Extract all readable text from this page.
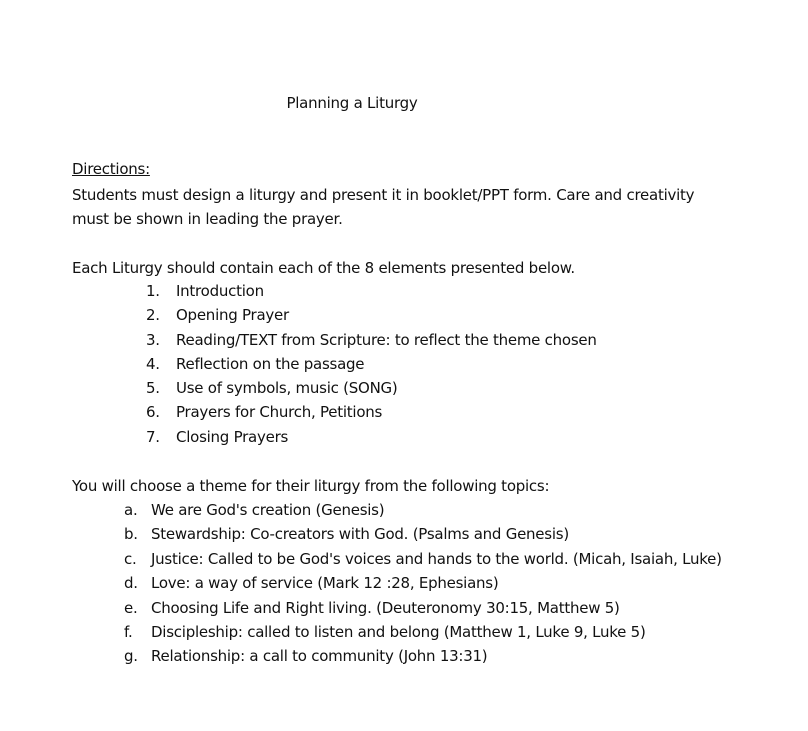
Planning a Liturgy
Directions:
Students must design a liturgy and present it in booklet/PPT form. Care and creativity must be shown in leading the prayer.
Each Liturgy should contain each of the 8 elements presented below.
1.	Introduction
2.	Opening Prayer
3.	Reading/TEXT from Scripture: to reflect the theme chosen
4.	Reflection on the passage
5.	Use of symbols, music (SONG)
6.	Prayers for Church, Petitions
7.	Closing Prayers
You will choose a theme for their liturgy from the following topics:
a. We are God's creation (Genesis)
b. Stewardship: Co-creators with God. (Psalms and Genesis)
c. Justice: Called to be God's voices and hands to the world. (Micah, Isaiah, Luke)
d. Love: a way of service (Mark 12 :28, Ephesians)
e. Choosing Life and Right living. (Deuteronomy 30:15, Matthew 5)
f.	Discipleship: called to listen and belong (Matthew 1, Luke 9, Luke 5)
g. Relationship: a call to community (John 13:31)
